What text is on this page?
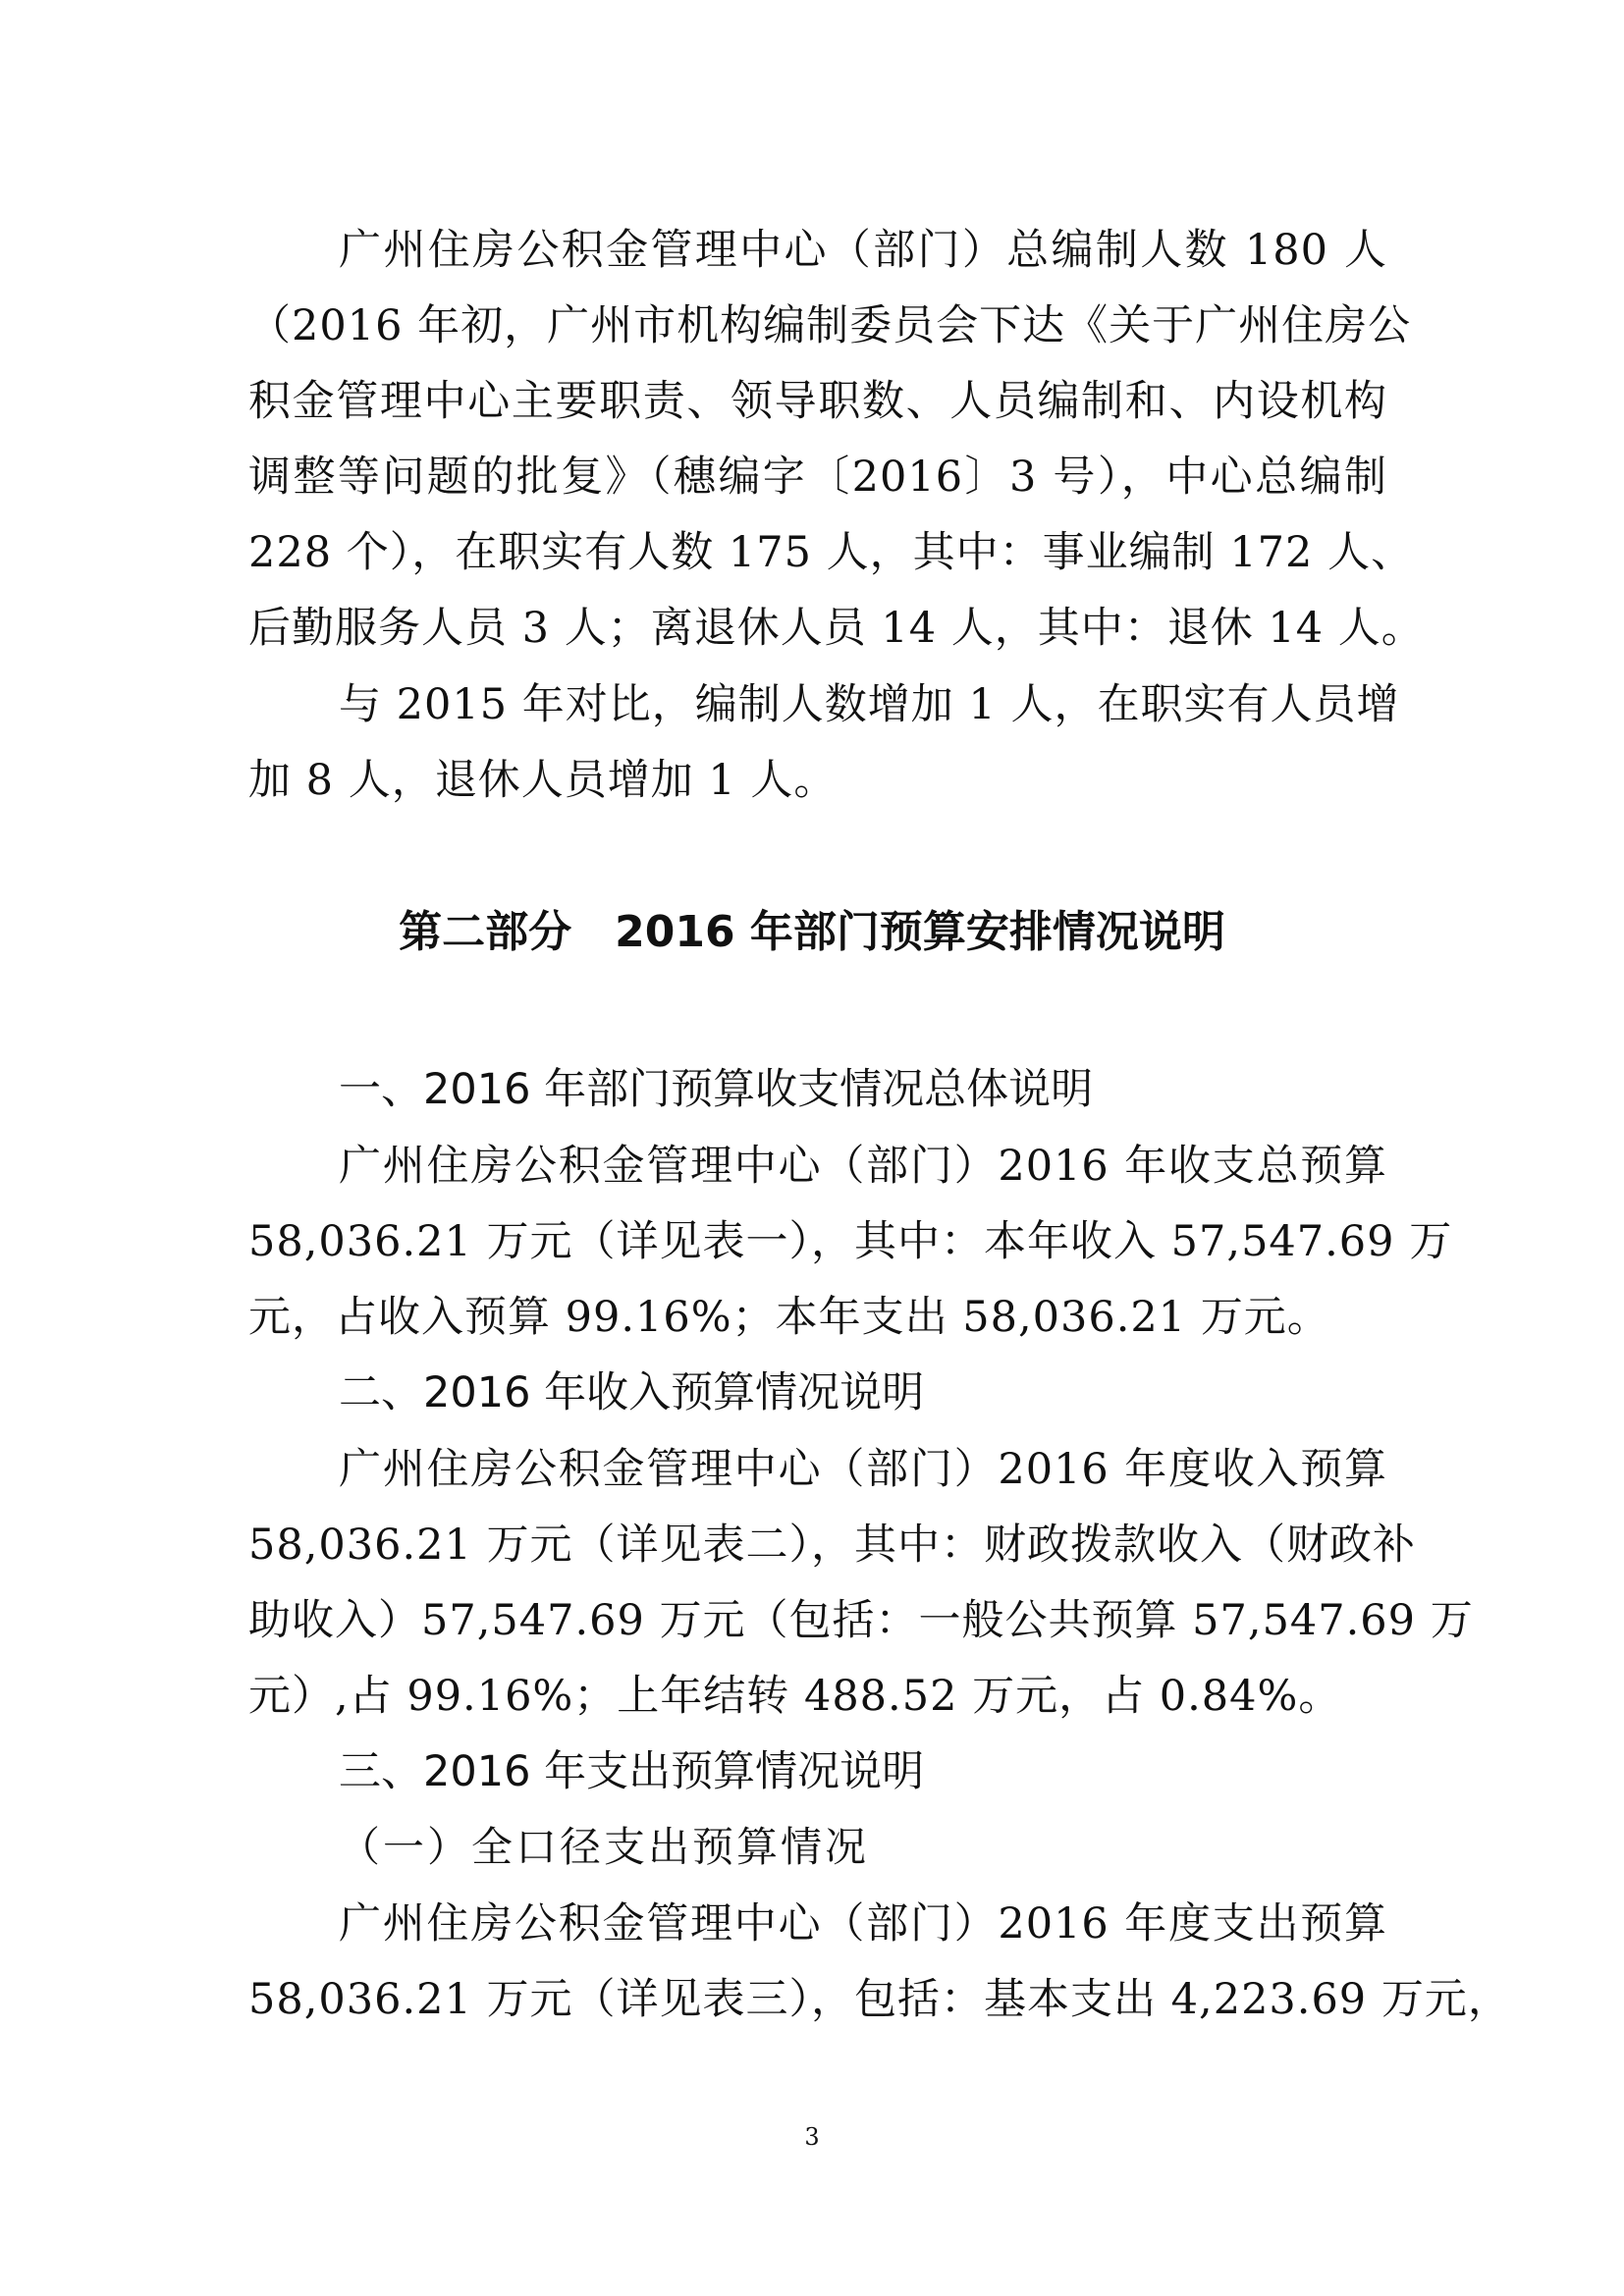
广州住房公积金管理中心（部门）总编制人数 180 人
（2016 年初，广州市机构编制委员会下达《关于广州住房公
积金管理中心主要职责、领导职数、人员编制和、内设机构
调整等问题的批复》（穗编字〔2016〕3 号），中心总编制
228 个），在职实有人数 175 人，其中：事业编制 172 人、
后勤服务人员 3 人；离退休人员 14 人，其中：退休 14 人。
与 2015 年对比，编制人数增加 1 人，在职实有人员增
加 8 人，退休人员增加 1 人。
第二部分　2016 年部门预算安排情况说明
一、2016 年部门预算收支情况总体说明
广州住房公积金管理中心（部门）2016 年收支总预算
58,036.21 万元（详见表一），其中：本年收入 57,547.69 万
元，占收入预算 99.16%；本年支出 58,036.21 万元。
二、2016 年收入预算情况说明
广州住房公积金管理中心（部门）2016 年度收入预算
58,036.21 万元（详见表二），其中：财政拨款收入（财政补
助收入）57,547.69 万元（包括：一般公共预算 57,547.69 万
元）,占 99.16%；上年结转 488.52 万元，占 0.84%。
三、2016 年支出预算情况说明
（一）全口径支出预算情况
广州住房公积金管理中心（部门）2016 年度支出预算
58,036.21 万元（详见表三），包括：基本支出 4,223.69 万元，
3
